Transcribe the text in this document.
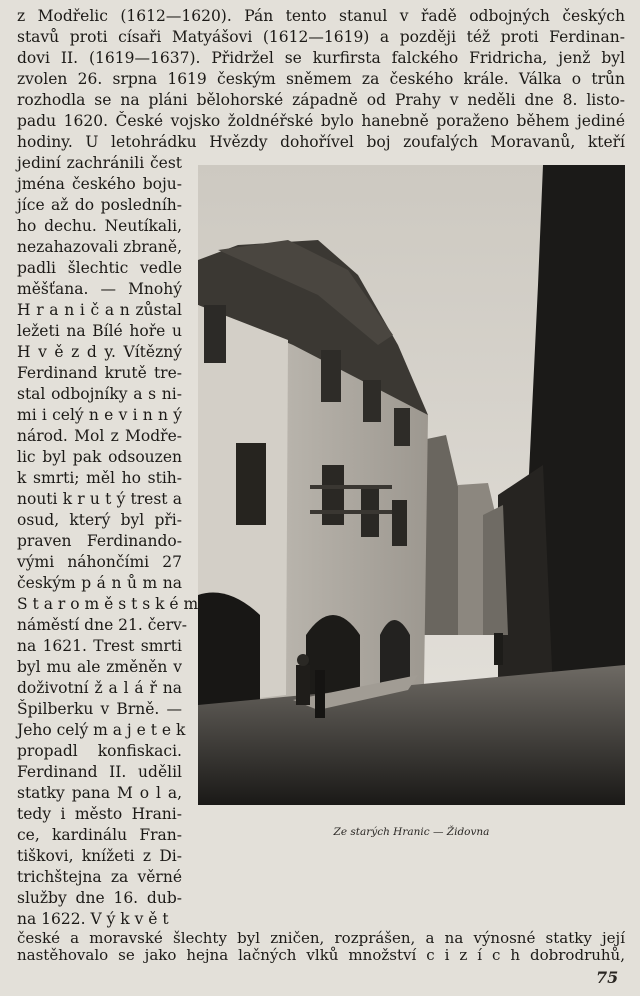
z Modřelic (1612—1620). Pán tento stanul v řadě odbojných českých
stavů proti císaři Matyášovi (1612—1619) a později též proti Ferdinan-
dovi II. (1619—1637). Přidržel se kurfirsta falckého Fridricha, jenž byl
zvolen 26. srpna 1619 českým sněmem za českého krále. Válka o trůn
rozhodla se na pláni bělohorské západně od Prahy v neděli dne 8. listo-
padu 1620. České vojsko žoldnéřské bylo hanebně poraženo během jediné
hodiny. U letohrádku Hvězdy dohořível boj zoufalých Moravanů, kteří
jediní zachránili čest
jména českého boju-
jíce až do posledníh-
ho dechu. Neutíkali,
nezahazovali zbraně,
padli šlechtic vedle
měšťana. — Mnohý
H r a n i č a n zůstal
ležeti na Bílé hoře u
H v ě z d y. Vítězný
Ferdinand krutě tre-
stal odbojníky a s ni-
mi i celý n e v i n n ý
národ. Mol z Modře-
lic byl pak odsouzen
k smrti; měl ho stih-
nouti k r u t ý trest a
osud, který byl při-
praven Ferdinando-
vými náhončími 27
českým p á n ů m na
S t a r o m ě s t s k é m
náměstí dne 21. červ-
na 1621. Trest smrti
byl mu ale změněn v
doživotní ž a l á ř na
Špilberku v Brně. —
Jeho celý m a j e t e k
propadl konfiskaci.
Ferdinand II. udělil
statky pana M o l a,
tedy i město Hrani-
ce, kardinálu Fran-
tiškovi, knížeti z Di-
trichštejna za věrné
služby dne 16. dub-
na 1622. V ý k v ě t
české a moravské šlechty byl zničen, rozprášen, a na výnosné statky její
nastěhovalo se jako hejna lačných vlků množství c i z í c h dobrodruhů,
Ze starých Hranic — Židovna
75
